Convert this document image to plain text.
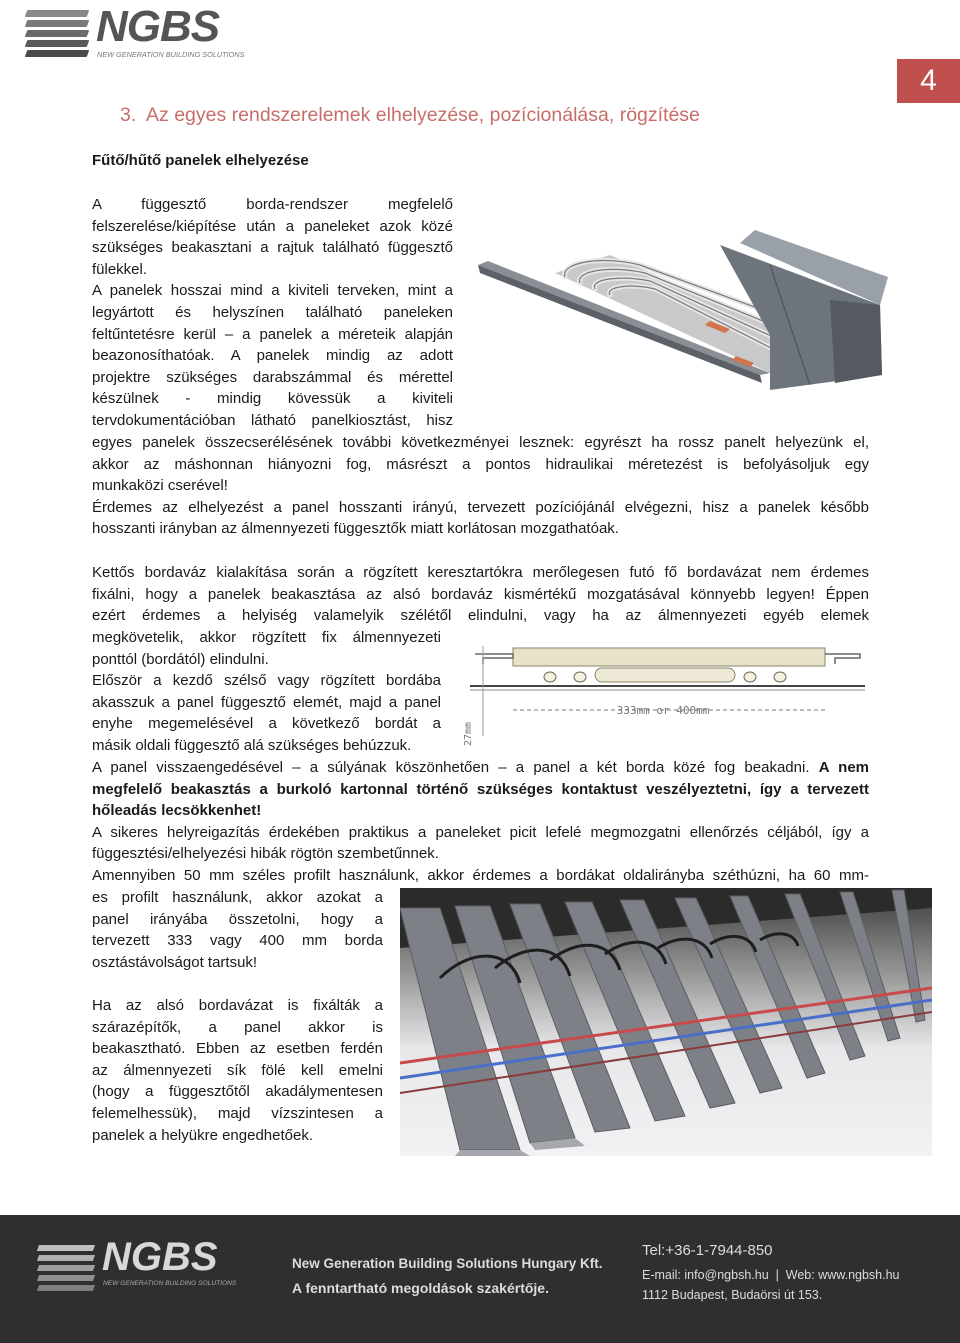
NGBS
NEW GENERATION BUILDING SOLUTIONS
4
3.  Az egyes rendszerelemek elhelyezése, pozícionálása, rögzítése
Fűtő/hűtő panelek elhelyezése
A függesztő borda-rendszer megfelelő
felszerelése/kiépítése után a paneleket azok közé
szükséges beakasztani a rajtuk található függesztő
fülekkel.
A panelek hosszai mind a kiviteli terveken, mint a
legyártott és helyszínen található paneleken
feltűntetésre kerül – a panelek a méreteik alapján
beazonosíthatóak. A panelek mindig az adott
projektre szükséges darabszámmal és mérettel
készülnek - mindig kövessük a kiviteli
tervdokumentációban látható panelkiosztást, hisz
egyes panelek összecserélésének további következményei lesznek: egyrészt ha rossz panelt helyezünk el,
akkor az máshonnan hiányozni fog, másrészt a pontos hidraulikai méretezést is befolyásoljuk egy
munkaközi cserével!
Érdemes az elhelyezést a panel hosszanti irányú, tervezett pozíciójánál elvégezni, hisz a panelek később
hosszanti irányban az álmennyezeti függesztők miatt korlátosan mozgathatóak.
Kettős bordaváz kialakítása során a rögzített keresztartókra merőlegesen futó fő bordavázat nem érdemes
fixálni, hogy a panelek beakasztása az alsó bordaváz kismértékű mozgatásával könnyebb legyen! Éppen
ezért érdemes a helyiség valamelyik szélétől elindulni, vagy ha az álmennyezeti egyéb elemek
megkövetelik, akkor rögzített fix álmennyezeti
ponttól (bordától) elindulni.
Először a kezdő szélső vagy rögzített bordába
akasszuk a panel függesztő elemét, majd a panel
enyhe megemelésével a következő bordát a
másik oldali függesztő alá szükséges behúzzuk.
333mm or 400mm
27mm
A panel visszaengedésével – a súlyának köszönhetően – a panel a két borda közé fog beakadni. A nem
megfelelő beakasztás a burkoló kartonnal történő szükséges kontaktust veszélyeztetni, így a tervezett
hőleadás lecsökkenhet!
A sikeres helyreigazítás érdekében praktikus a paneleket picit lefelé megmozgatni ellenőrzés céljából, így a
függesztési/elhelyezési hibák rögtön szembetűnnek.
Amennyiben 50 mm széles profilt használunk, akkor érdemes a bordákat oldalirányba széthúzni, ha 60 mm-
es profilt használunk, akkor azokat a
panel irányába összetolni, hogy a
tervezett 333 vagy 400 mm borda
osztástávolságot tartsuk!
Ha az alsó bordavázat is fixálták a
szárazépítők, a panel akkor is
beakasztható. Ebben az esetben ferdén
az álmennyezeti sík fölé kell emelni
(hogy a függesztőtől akadálymentesen
felemelhessük), majd vízszintesen a
panelek a helyükre engedhetőek.
NGBS
NEW GENERATION BUILDING SOLUTIONS
New Generation Building Solutions Hungary Kft.
A fenntartható megoldások szakértője.
Tel:+36-1-7944-850
E-mail: info@ngbsh.hu  |  Web: www.ngbsh.hu
1112 Budapest, Budaörsi út 153.
